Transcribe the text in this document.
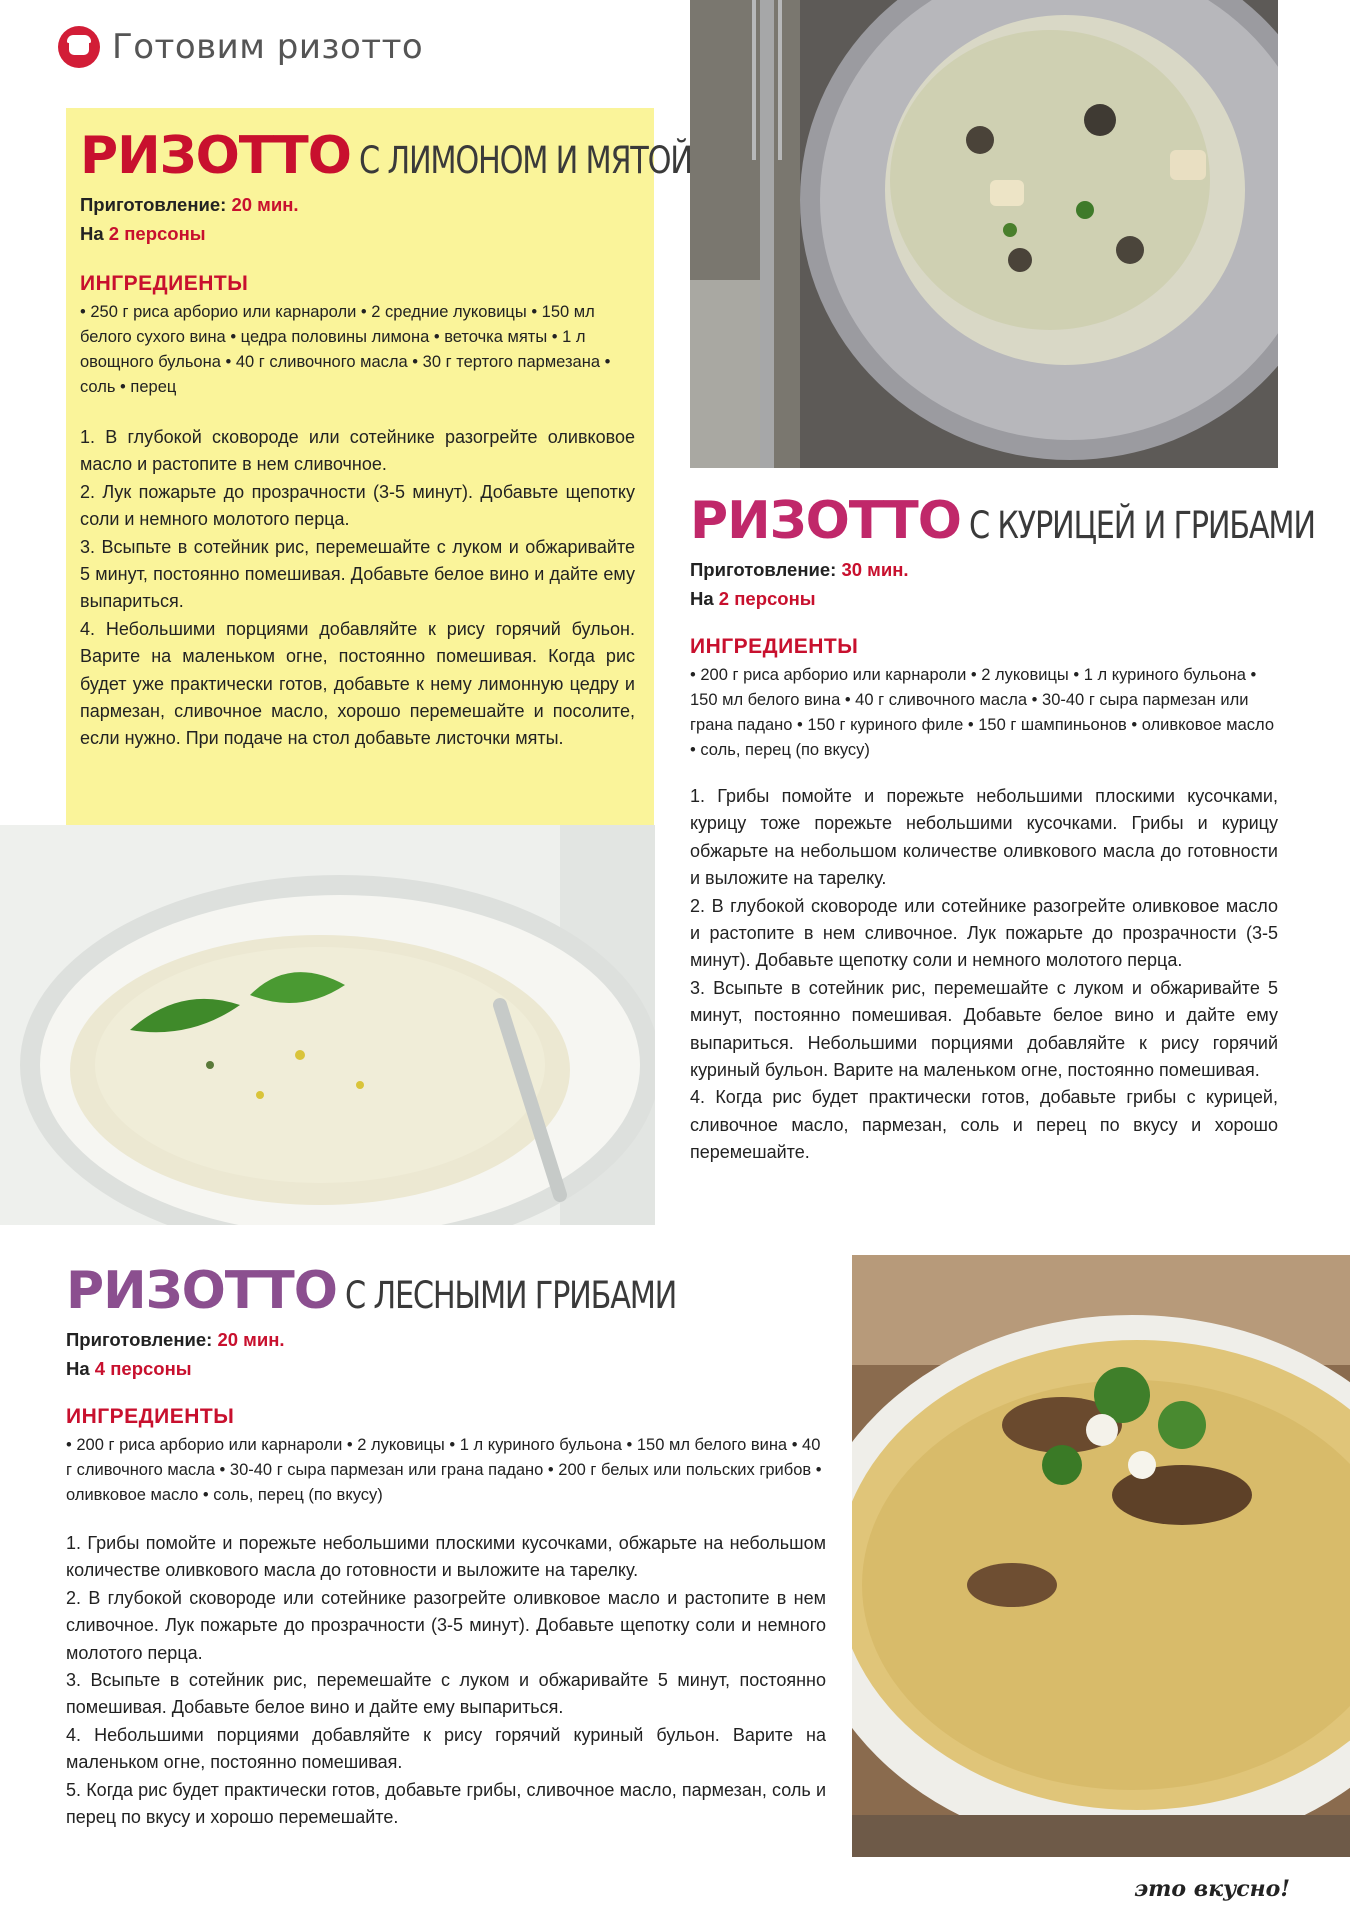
Готовим ризотто
РИЗОТТО С ЛИМОНОМ И МЯТОЙ
Приготовление: 20 мин.
На 2 персоны
ИНГРЕДИЕНТЫ
• 250 г риса арборио или карнароли • 2 средние луковицы • 150 мл белого сухого вина • цедра половины лимона • веточка мяты • 1 л овощного бульона • 40 г сливочного масла • 30 г тертого пармезана • соль • перец

1. В глубокой сковороде или сотейнике разогрейте оливковое масло и растопите в нем сливочное.

2. Лук пожарьте до прозрачности (3-5 минут). Добавьте щепотку соли и немного молотого перца.

3. Всыпьте в сотейник рис, перемешайте с луком и обжаривайте 5 минут, постоянно помешивая. Добавьте белое вино и дайте ему выпариться.

4. Небольшими порциями добавляйте к рису горячий бульон. Варите на маленьком огне, постоянно помешивая. Когда рис будет уже практически готов, добавьте к нему лимонную цедру и пармезан, сливочное масло, хорошо перемешайте и посолите, если нужно. При подаче на стол добавьте листочки мяты.

РИЗОТТО С КУРИЦЕЙ И ГРИБАМИ
Приготовление: 30 мин.
На 2 персоны
ИНГРЕДИЕНТЫ
• 200 г риса арборио или карнароли • 2 луковицы • 1 л куриного бульона • 150 мл белого вина • 40 г сливочного масла • 30-40 г сыра пармезан или грана падано • 150 г куриного филе • 150 г шампиньонов • оливковое масло • соль, перец (по вкусу)

1. Грибы помойте и порежьте небольшими плоскими кусочками, курицу тоже порежьте небольшими кусочками. Грибы и курицу обжарьте на небольшом количестве оливкового масла до готовности и выложите на тарелку.

2. В глубокой сковороде или сотейнике разогрейте оливковое масло и растопите в нем сливочное. Лук пожарьте до прозрачности (3-5 минут). Добавьте щепотку соли и немного молотого перца.

3. Всыпьте в сотейник рис, перемешайте с луком и обжаривайте 5 минут, постоянно помешивая. Добавьте белое вино и дайте ему выпариться. Небольшими порциями добавляйте к рису горячий куриный бульон. Варите на маленьком огне, постоянно помешивая.

4. Когда рис будет практически готов, добавьте грибы с курицей, сливочное масло, пармезан, соль и перец по вкусу и хорошо перемешайте.

РИЗОТТО С ЛЕСНЫМИ ГРИБАМИ
Приготовление: 20 мин.
На 4 персоны
ИНГРЕДИЕНТЫ
• 200 г риса арборио или карнароли • 2 луковицы • 1 л куриного бульона • 150 мл белого вина • 40 г сливочного масла • 30-40 г сыра пармезан или грана падано • 200 г белых или польских грибов • оливковое масло • соль, перец (по вкусу)

1. Грибы помойте и порежьте небольшими плоскими кусочками, обжарьте на небольшом количестве оливкового масла до готовности и выложите на тарелку.

2. В глубокой сковороде или сотейнике разогрейте оливковое масло и растопите в нем сливочное. Лук пожарьте до прозрачности (3-5 минут). Добавьте щепотку соли и немного молотого перца.

3. Всыпьте в сотейник рис, перемешайте с луком и обжаривайте 5 минут, постоянно помешивая. Добавьте белое вино и дайте ему выпариться.

4. Небольшими порциями добавляйте к рису горячий куриный бульон. Варите на маленьком огне, постоянно помешивая.

5. Когда рис будет практически готов, добавьте грибы, сливочное масло, пармезан, соль и перец по вкусу и хорошо перемешайте.

это вкусно!
